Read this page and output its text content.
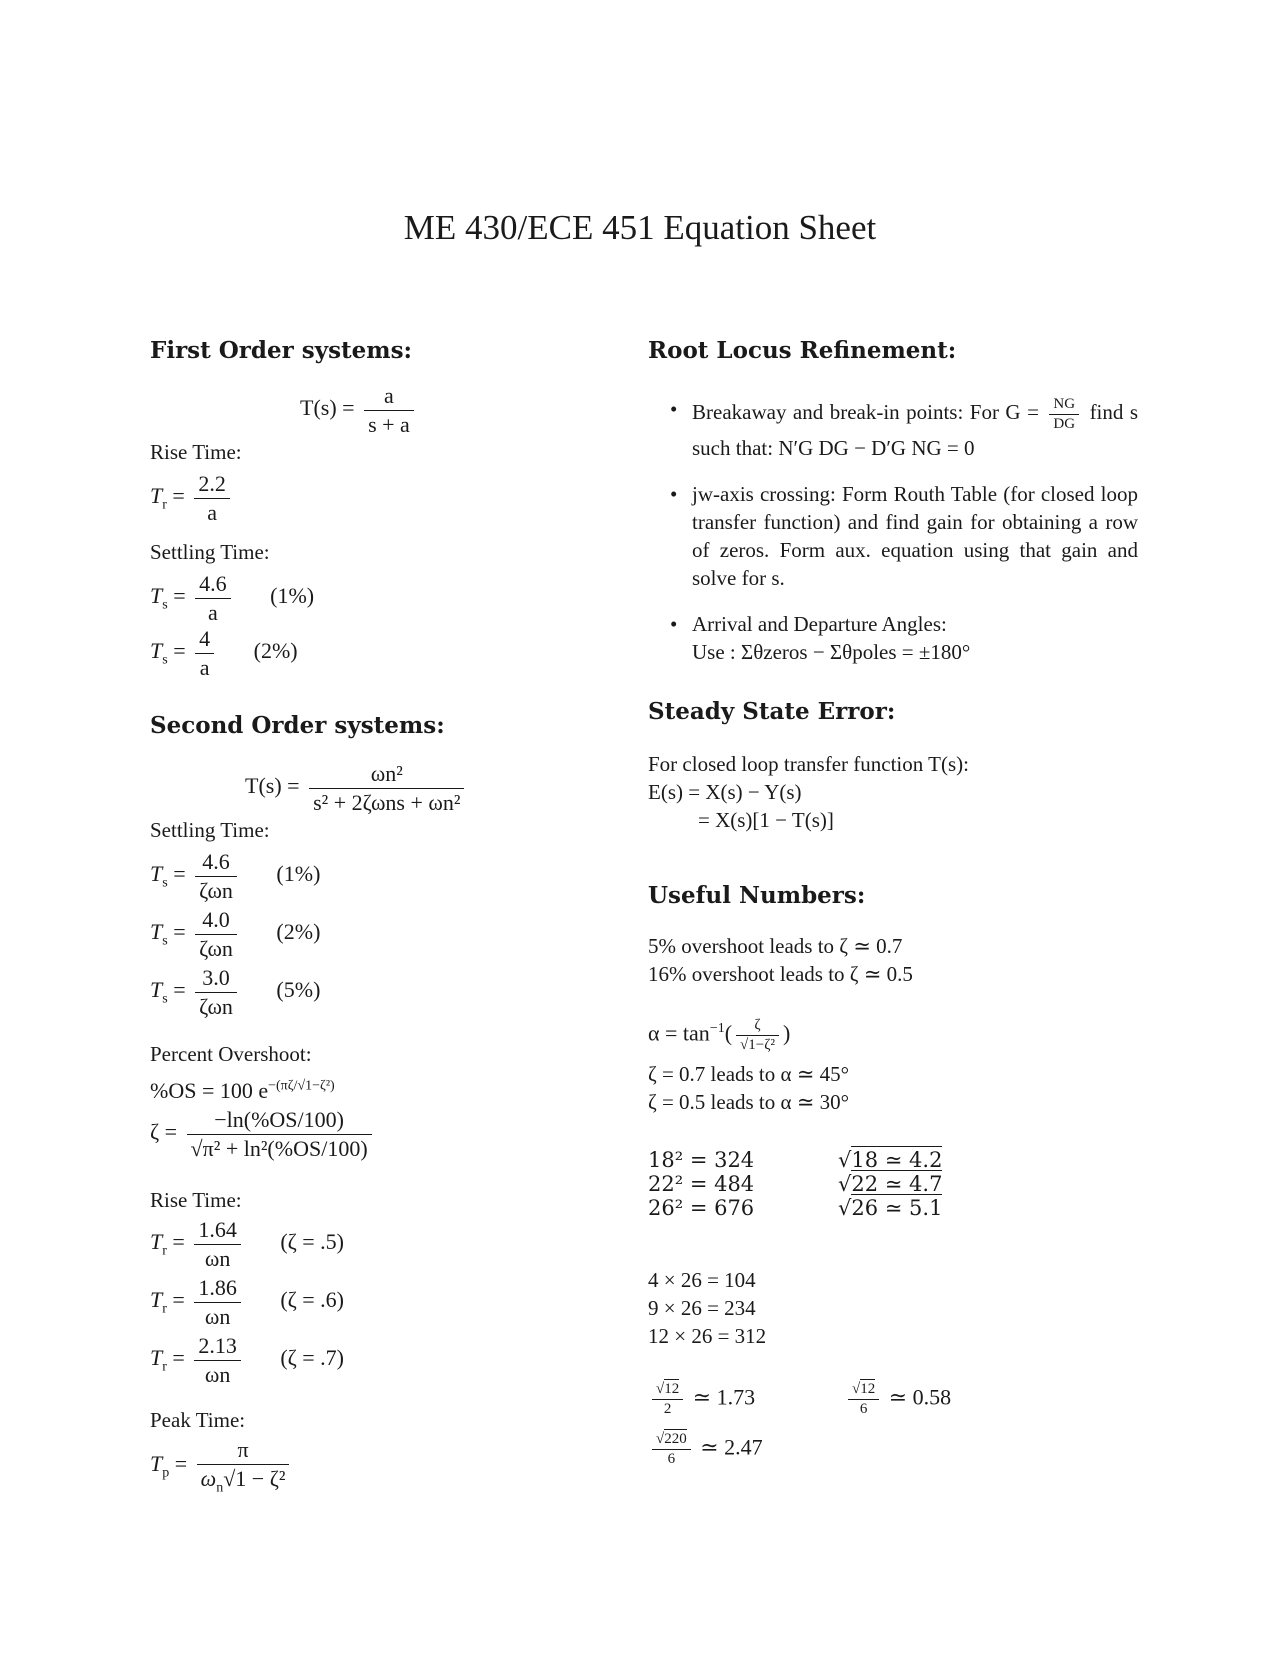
ME 430/ECE 451 Equation Sheet
First Order systems:
$T(s) = \frac{a}{s + a}$
Rise Time:
$T_r = \frac{2.2}{a}$
Settling Time:
$T_s = \frac{4.6}{a} (1\%)$
$T_s = \frac{4}{a} (2\%)$
Second Order systems:
$T(s) = \frac{\text{ωn²}}{\text{s² + 2ζωns + ωn²}}$
Settling Time:
$T_s = \frac{4.6}{\text{ζωn}} (1\%)$
$T_s = \frac{4.0}{\text{ζωn}} (2\%)$
$T_s = \frac{3.0}{\text{ζωn}} (5\%)$
Percent Overshoot:
%OS = 100 $e^{-(\pi\zeta/√1-\zeta^2)}$
$\zeta = \frac{-\ln(\%OS/100)}{\text{√π² + ln²(\%OS/100)}}$
Rise Time:
$T_r = \frac{1.64}{\omega n} (\zeta = .5)$
$T_r = \frac{1.86}{\omega n} (\zeta = .6)$
$T_r = \frac{2.13}{\omega n} (\zeta = .7)$
Peak Time:
$T_p = \frac{\pi}{\omega_n√1 - \zeta^2}$
Root Locus Refinement:
• Breakaway and break-in points: For $G = \frac{NG}{DG}$ find s such that: N′G DG − D′G NG = 0
• jw-axis crossing: Form Routh Table (for closed loop transfer function) and find gain for obtaining a row of zeros. Form aux. equation using that gain and solve for s.
• Arrival and Departure Angles:
Use : Σθzeros − Σθpoles = ±180°
Steady State Error:
For closed loop transfer function T(s):
E(s) = X(s) − Y(s)
= X(s)[1 − T(s)]
Useful Numbers:
5% overshoot leads to ζ ≃ 0.7
16% overshoot leads to ζ ≃ 0.5
$\alpha = \tan^{-1}( \frac{\zeta}{\text{√1−ζ²}}$ )
ζ = 0.7 leads to α ≃ 45°
ζ = 0.5 leads to α ≃ 30°
18² = 324	√18 ≃ 4.2
22² = 484	√22 ≃ 4.7
26² = 676	√26 ≃ 5.1
4 × 26 = 104
9 × 26 = 234
12 × 26 = 312
$\frac{√12}{2}$ ≃ 1.73	$\frac{√12}{6}$ ≃ 0.58
$\frac{√220}{6}$ ≃ 2.47
